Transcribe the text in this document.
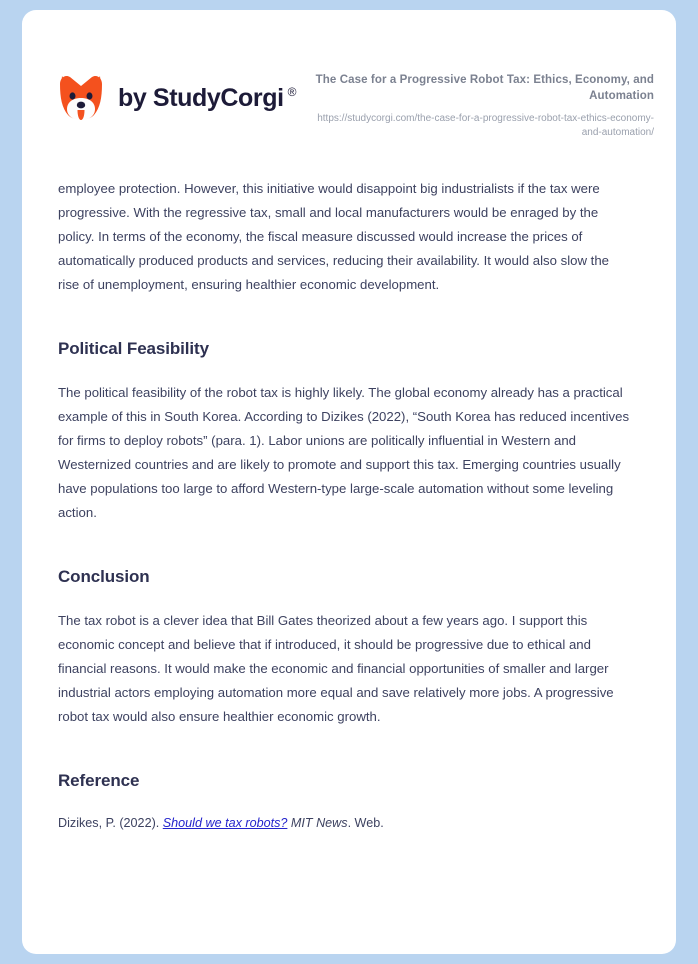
by StudyCorgi ®
The Case for a Progressive Robot Tax: Ethics, Economy, and Automation
https://studycorgi.com/the-case-for-a-progressive-robot-tax-ethics-economy-and-automation/

employee protection. However, this initiative would disappoint big industrialists if the tax were progressive. With the regressive tax, small and local manufacturers would be enraged by the policy. In terms of the economy, the fiscal measure discussed would increase the prices of automatically produced products and services, reducing their availability. It would also slow the rise of unemployment, ensuring healthier economic development.

Political Feasibility

The political feasibility of the robot tax is highly likely. The global economy already has a practical example of this in South Korea. According to Dizikes (2022), “South Korea has reduced incentives for firms to deploy robots” (para. 1). Labor unions are politically influential in Western and Westernized countries and are likely to promote and support this tax. Emerging countries usually have populations too large to afford Western-type large-scale automation without some leveling action.

Conclusion

The tax robot is a clever idea that Bill Gates theorized about a few years ago. I support this economic concept and believe that if introduced, it should be progressive due to ethical and financial reasons. It would make the economic and financial opportunities of smaller and larger industrial actors employing automation more equal and save relatively more jobs. A progressive robot tax would also ensure healthier economic growth.

Reference

Dizikes, P. (2022). Should we tax robots? MIT News. Web.
